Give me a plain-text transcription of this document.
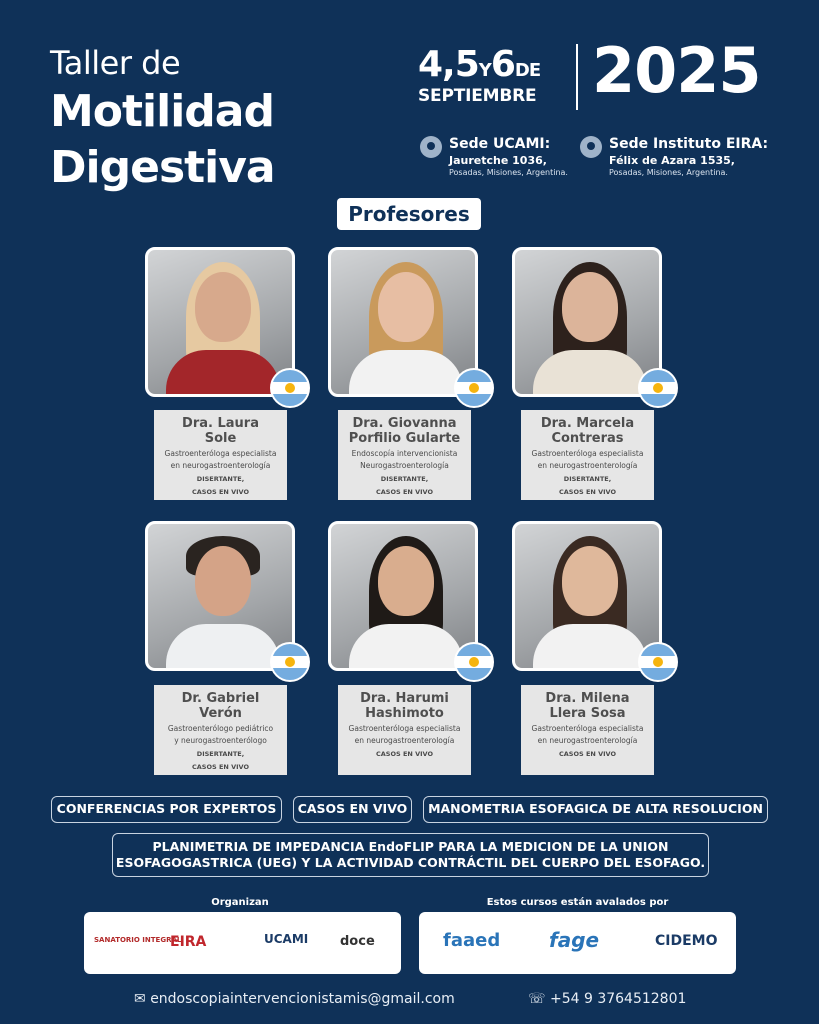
Taller de
Motilidad
Digestiva
4,5Y6DE
SEPTIEMBRE 2025
Sede UCAMI:
Jauretche 1036,
Posadas, Misiones, Argentina.
Sede Instituto EIRA:
Félix de Azara 1535,
Posadas, Misiones, Argentina.
Profesores
Dra. Laura
Sole
Gastroenteróloga especialista
en neurogastroenterología
DISERTANTE,
CASOS EN VIVO
Dra. Giovanna
Porfilio Gularte
Endoscopía intervencionista
Neurogastroenterología
DISERTANTE,
CASOS EN VIVO
Dra. Marcela
Contreras
Gastroenteróloga especialista
en neurogastroenterología
DISERTANTE,
CASOS EN VIVO
Dr. Gabriel
Verón
Gastroenterólogo pediátrico
y neurogastroenterólogo
DISERTANTE,
CASOS EN VIVO
Dra. Harumi
Hashimoto
Gastroenteróloga especialista
en neurogastroenterología
CASOS EN VIVO
Dra. Milena
Llera Sosa
Gastroenteróloga especialista
en neurogastroenterología
CASOS EN VIVO
CONFERENCIAS POR EXPERTOS	CASOS EN VIVO	MANOMETRIA ESOFAGICA DE ALTA RESOLUCION
PLANIMETRIA DE IMPEDANCIA EndoFLIP PARA LA MEDICION DE LA UNION
ESOFAGOGASTRICA (UEG) Y LA ACTIVIDAD CONTRÁCTIL DEL CUERPO DEL ESOFAGO.
Organizan
SANATORIO INTEGRAL
EIRA	UCAMI doce
Estos cursos están avalados por
faaed fage	CIDEMO
✉ endoscopiaintervencionistamis@gmail.com	☏ +54 9 3764512801
